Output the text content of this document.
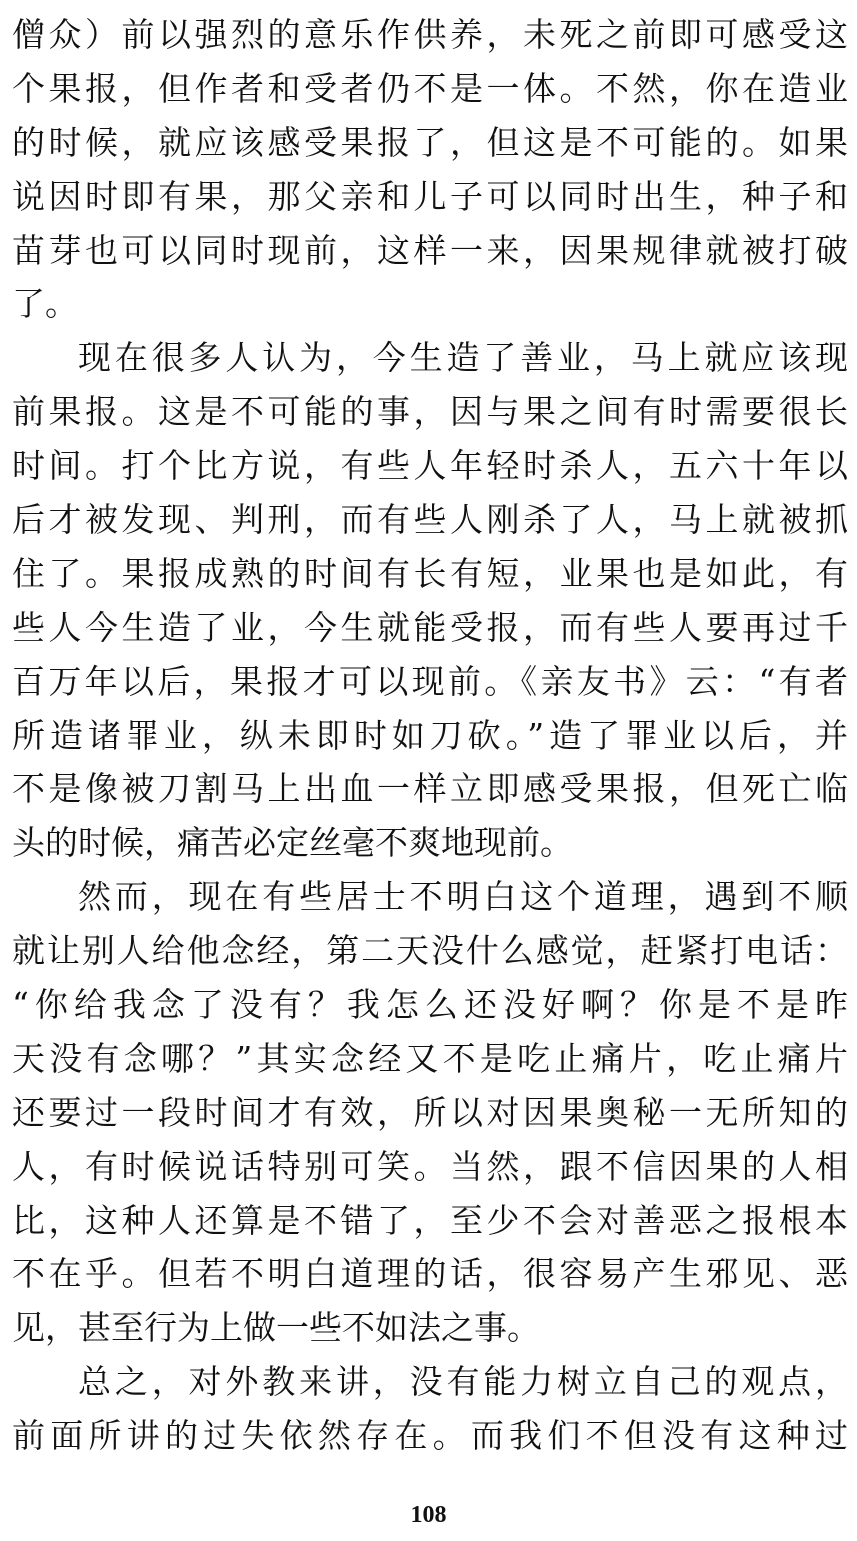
僧众）前以强烈的意乐作供养，未死之前即可感受这
个果报，但作者和受者仍不是一体。不然，你在造业
的时候，就应该感受果报了，但这是不可能的。如果
说因时即有果，那父亲和儿子可以同时出生，种子和
苗芽也可以同时现前，这样一来，因果规律就被打破
了。
现在很多人认为，今生造了善业，马上就应该现
前果报。这是不可能的事，因与果之间有时需要很长
时间。打个比方说，有些人年轻时杀人，五六十年以
后才被发现、判刑，而有些人刚杀了人，马上就被抓
住了。果报成熟的时间有长有短，业果也是如此，有
些人今生造了业，今生就能受报，而有些人要再过千
百万年以后，果报才可以现前。《亲友书》云：“有者
所造诸罪业，纵未即时如刀砍。”造了罪业以后，并
不是像被刀割马上出血一样立即感受果报，但死亡临
头的时候，痛苦必定丝毫不爽地现前。
然而，现在有些居士不明白这个道理，遇到不顺
就让别人给他念经，第二天没什么感觉，赶紧打电话：
“你给我念了没有？我怎么还没好啊？你是不是昨
天没有念哪？”其实念经又不是吃止痛片，吃止痛片
还要过一段时间才有效，所以对因果奥秘一无所知的
人，有时候说话特别可笑。当然，跟不信因果的人相
比，这种人还算是不错了，至少不会对善恶之报根本
不在乎。但若不明白道理的话，很容易产生邪见、恶
见，甚至行为上做一些不如法之事。
总之，对外教来讲，没有能力树立自己的观点，
前面所讲的过失依然存在。而我们不但没有这种过
108
